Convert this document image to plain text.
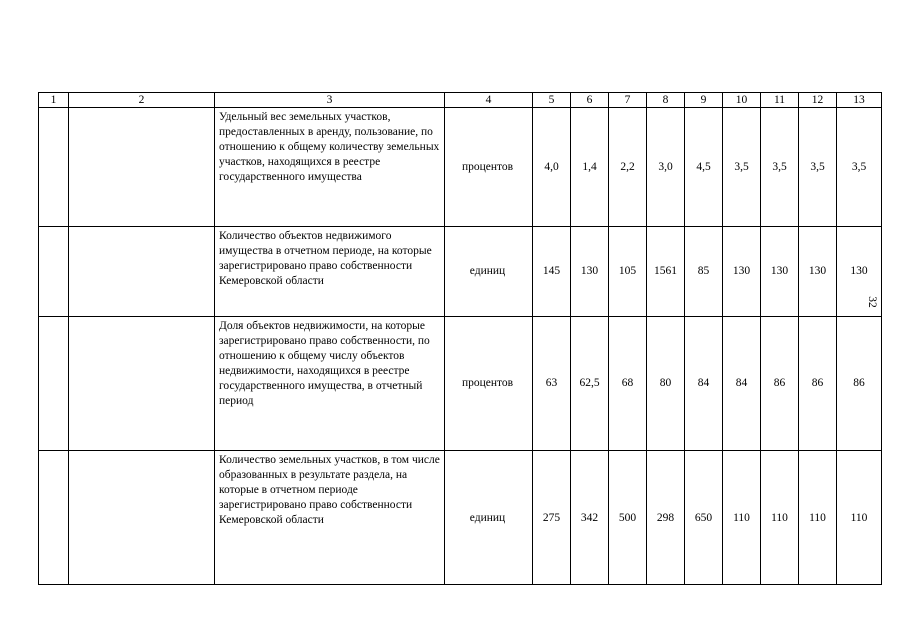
1	2	3	4	5	6	7	8	9	10	11	12	13

		Удельный вес земельных участков, предоставленных в аренду, пользование, по отношению к общему количеству земельных участков, находящихся в реестре государственного имущества	процентов	4,0	1,4	2,2	3,0	4,5	3,5	3,5	3,5	3,5

		Количество объектов недвижимого имущества в отчетном периоде, на которые зарегистрировано право собственности Кемеровской области	единиц	145	130	105	1561	85	130	130	130	130

		Доля объектов недвижимости, на которые зарегистрировано право собственности, по отношению к общему числу объектов недвижимости, находящихся в реестре государственного имущества, в отчетный период	процентов	63	62,5	68	80	84	84	86	86	86

		Количество земельных участков, в том числе образованных в результате раздела, на которые в отчетном периоде зарегистрировано право собственности Кемеровской области	единиц	275	342	500	298	650	110	110	110	110
32
